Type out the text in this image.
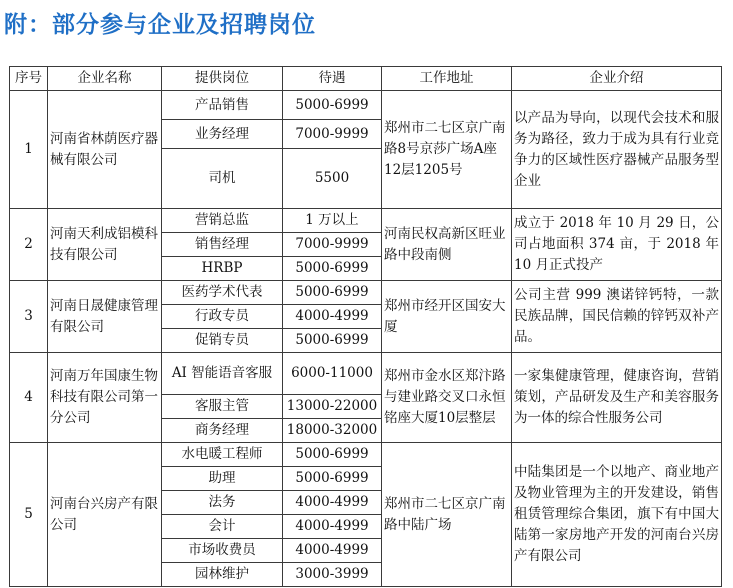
附：部分参与企业及招聘岗位
序号	企业名称	提供岗位	待遇	工作地址	企业介绍
1	河南省林荫医疗器械有限公司	产品销售	5000-6999	郑州市二七区京广南路8号京莎广场A座12层1205号	以产品为导向，以现代会技术和服务为路径，致力于成为具有行业竞争力的区域性医疗器械产品服务型企业
		业务经理	7000-9999		
		司机	5500		
2	河南天利成铝模科技有限公司	营销总监	1 万以上	河南民权高新区旺业路中段南侧	成立于 2018 年 10 月 29 日，公司占地面积 374 亩，于 2018 年 10 月正式投产
		销售经理	7000-9999		
		HRBP	5000-6999		
3	河南日晟健康管理有限公司	医药学术代表	5000-6999	郑州市经开区国安大厦	公司主营 999 澳诺锌钙特，一款民族品牌，国民信赖的锌钙双补产品。
		行政专员	4000-4999		
		促销专员	5000-6999		
4	河南万年国康生物科技有限公司第一分公司	AI 智能语音客服	6000-11000	郑州市金水区郑汴路与建业路交叉口永恒铭座大厦10层整层	一家集健康管理，健康咨询，营销策划，产品研发及生产和美容服务为一体的综合性服务公司
		客服主管	13000-22000		
		商务经理	18000-32000		
5	河南台兴房产有限公司	水电暖工程师	5000-6999	郑州市二七区京广南路中陆广场	中陆集团是一个以地产、商业地产及物业管理为主的开发建设，销售租赁管理综合集团，旗下有中国大陆第一家房地产开发的河南台兴房产有限公司
		助理	5000-6999		
		法务	4000-4999		
		会计	4000-4999		
		市场收费员	4000-4999		
		园林维护	3000-3999		
